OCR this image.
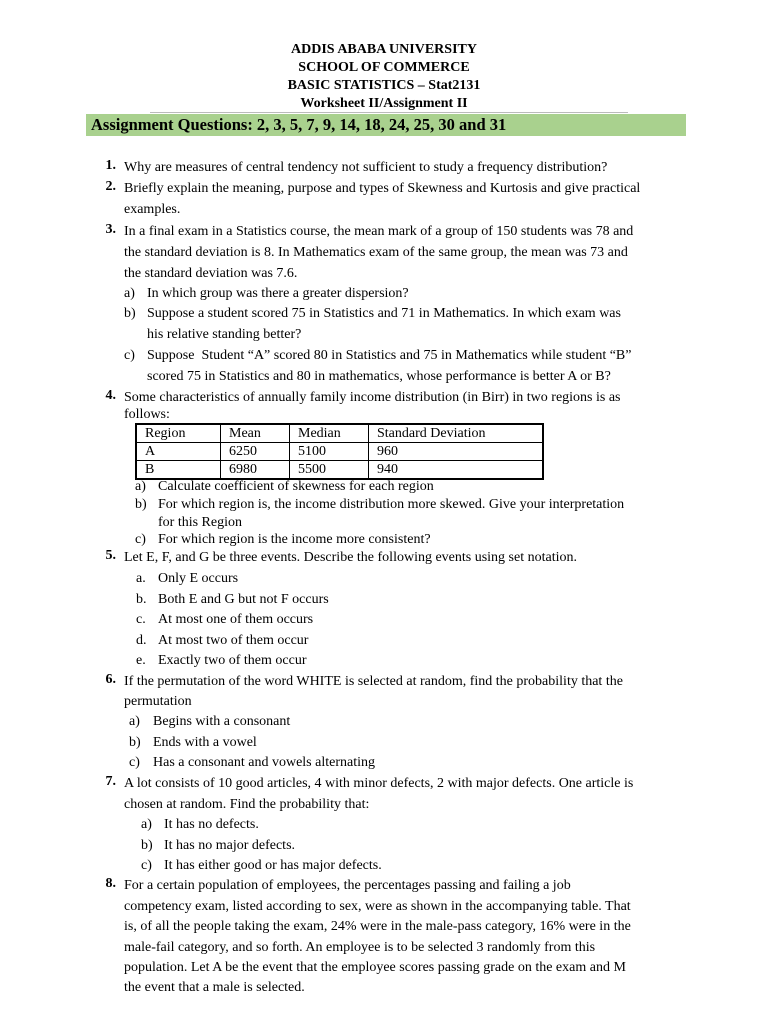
ADDIS ABABA UNIVERSITY
SCHOOL OF COMMERCE
BASIC STATISTICS – Stat2131
Worksheet II/Assignment II
Assignment Questions: 2, 3, 5, 7, 9, 14, 18, 24, 25, 30 and 31
1. Why are measures of central tendency not sufficient to study a frequency distribution?
2. Briefly explain the meaning, purpose and types of Skewness and Kurtosis and give practical
examples.
3. In a final exam in a Statistics course, the mean mark of a group of 150 students was 78 and
the standard deviation is 8. In Mathematics exam of the same group, the mean was 73 and
the standard deviation was 7.6.
a) In which group was there a greater dispersion?
b) Suppose a student scored 75 in Statistics and 71 in Mathematics. In which exam was
his relative standing better?
c) Suppose  Student “A” scored 80 in Statistics and 75 in Mathematics while student “B”
scored 75 in Statistics and 80 in mathematics, whose performance is better A or B?
4. Some characteristics of annually family income distribution (in Birr) in two regions is as
follows:
Region	Mean	Median	Standard Deviation
A	6250	5100	960
B	6980	5500	940
a) Calculate coefficient of skewness for each region
b) For which region is, the income distribution more skewed. Give your interpretation
for this Region
c) For which region is the income more consistent?
5. Let E, F, and G be three events. Describe the following events using set notation.
a. Only E occurs
b. Both E and G but not F occurs
c. At most one of them occurs
d. At most two of them occur
e. Exactly two of them occur
6. If the permutation of the word WHITE is selected at random, find the probability that the
permutation
a) Begins with a consonant
b) Ends with a vowel
c) Has a consonant and vowels alternating
7. A lot consists of 10 good articles, 4 with minor defects, 2 with major defects. One article is
chosen at random. Find the probability that:
a) It has no defects.
b) It has no major defects.
c) It has either good or has major defects.
8. For a certain population of employees, the percentages passing and failing a job
competency exam, listed according to sex, were as shown in the accompanying table. That
is, of all the people taking the exam, 24% were in the male-pass category, 16% were in the
male-fail category, and so forth. An employee is to be selected 3 randomly from this
population. Let A be the event that the employee scores passing grade on the exam and M
the event that a male is selected.
